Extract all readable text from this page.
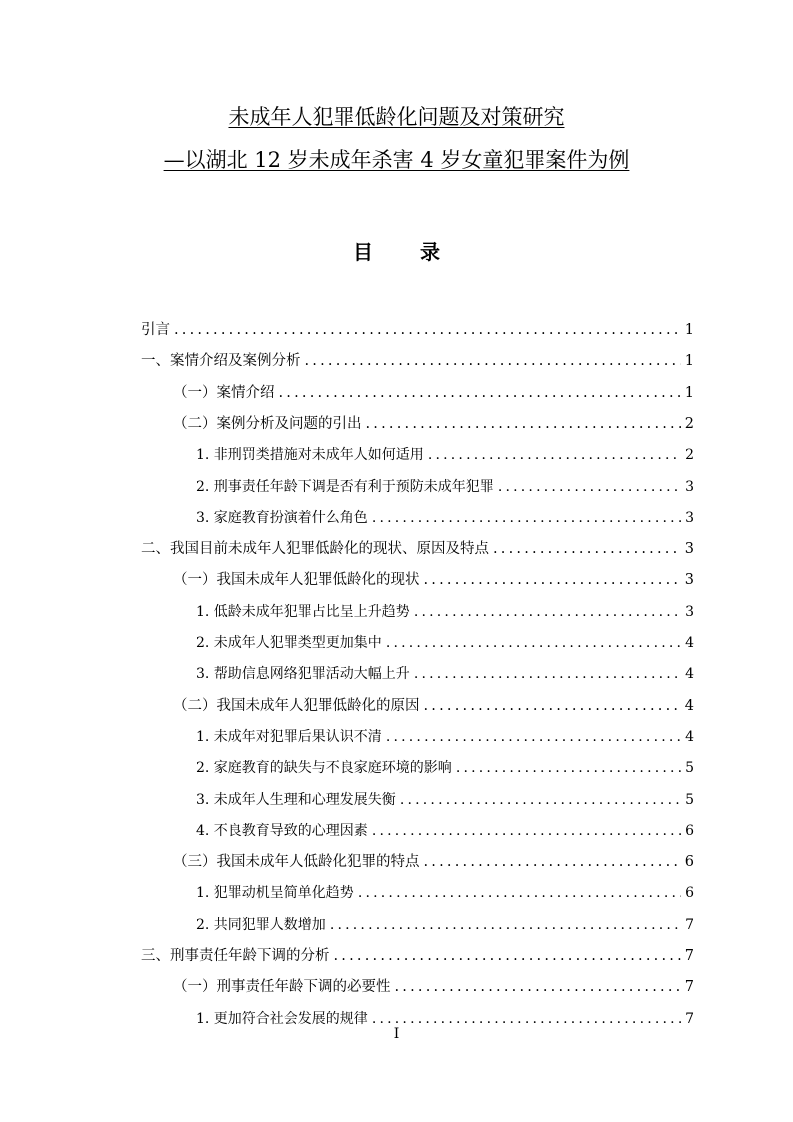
未成年人犯罪低龄化问题及对策研究
—以湖北 12 岁未成年杀害 4 岁女童犯罪案件为例
目 录
引言 .....	1
一、案情介绍及案例分析 .....	1
（一）案情介绍 .....	1
（二）案例分析及问题的引出 .....	2
1. 非刑罚类措施对未成年人如何适用 .....	2
2. 刑事责任年龄下调是否有利于预防未成年犯罪 .....	3
3. 家庭教育扮演着什么角色 .....	3
二、我国目前未成年人犯罪低龄化的现状、原因及特点 .....	3
（一）我国未成年人犯罪低龄化的现状 .....	3
1. 低龄未成年犯罪占比呈上升趋势 .....	3
2. 未成年人犯罪类型更加集中 .....	4
3. 帮助信息网络犯罪活动大幅上升 .....	4
（二）我国未成年人犯罪低龄化的原因 .....	4
1. 未成年对犯罪后果认识不清 .....	4
2. 家庭教育的缺失与不良家庭环境的影响 .....	5
3. 未成年人生理和心理发展失衡 .....	5
4. 不良教育导致的心理因素 .....	6
（三）我国未成年人低龄化犯罪的特点 .....	6
1. 犯罪动机呈简单化趋势 .....	6
2. 共同犯罪人数增加 .....	7
三、刑事责任年龄下调的分析 .....	7
（一）刑事责任年龄下调的必要性 .....	7
1. 更加符合社会发展的规律 .....	7
I
